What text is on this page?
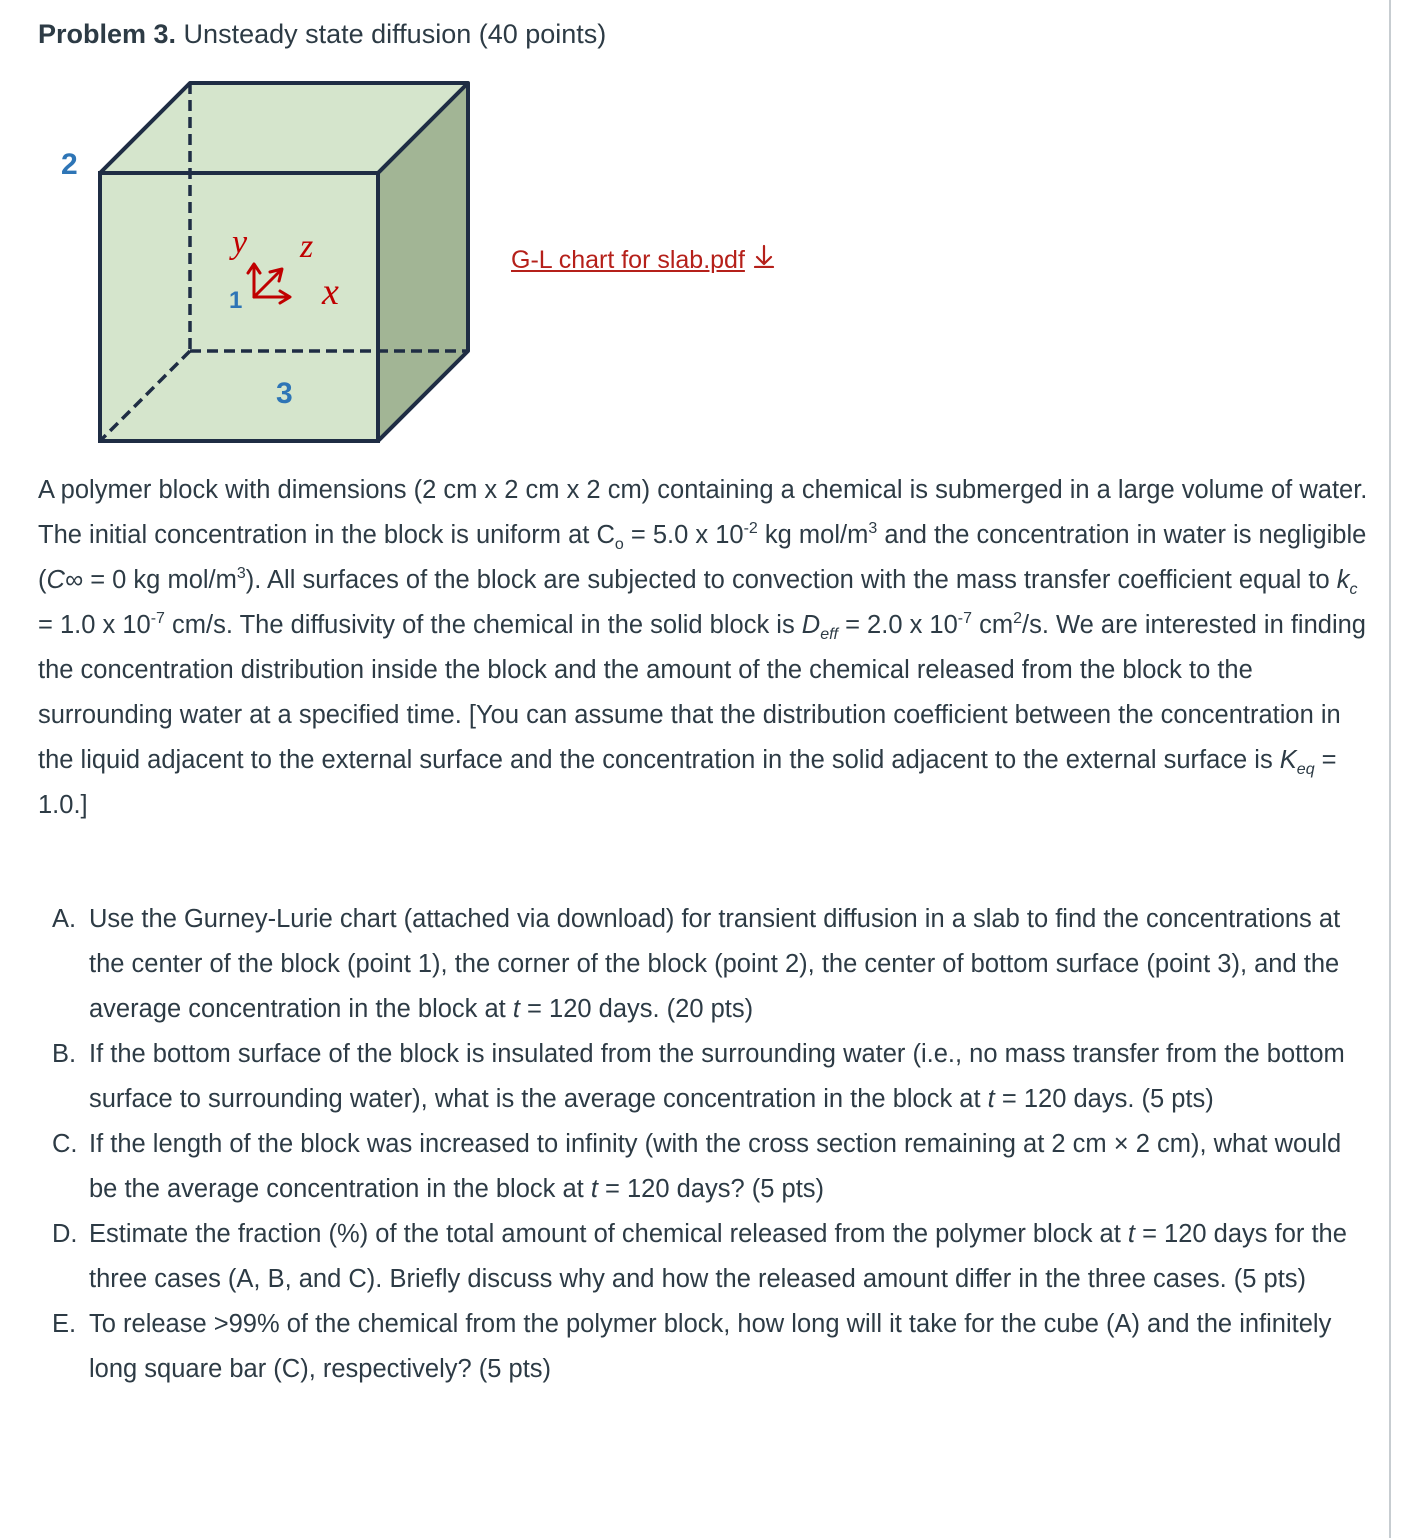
Problem 3. Unsteady state diffusion (40 points)
y z
x
1
2
3
G-L chart for slab.pdf

A polymer block with dimensions (2 cm x 2 cm x 2 cm) containing a chemical is submerged in a large volume of water. The initial concentration in the block is uniform at $C_o = 5.0$ x $10^{-2}$ kg mol/$m^3$ and the concentration in water is negligible (C∞ = 0 kg mol/$m^3$). All surfaces of the block are subjected to convection with the mass transfer coefficient equal to $k_c = 1.0$ x $10^{-7}$ cm/s. The diffusivity of the chemical in the solid block is $D_{eff} = 2.0$ x $10^{-7}$ $cm^2/s$. We are interested in finding the concentration distribution inside the block and the amount of the chemical released from the block to the surrounding water at a specified time. [You can assume that the distribution coefficient between the concentration in the liquid adjacent to the external surface and the concentration in the solid adjacent to the external surface is $K_{eq} = 1.0$.]

A. Use the Gurney-Lurie chart (attached via download) for transient diffusion in a slab to find the concentrations at the center of the block (point 1), the corner of the block (point 2), the center of bottom surface (point 3), and the average concentration in the block at t = 120 days. (20 pts)
B. If the bottom surface of the block is insulated from the surrounding water (i.e., no mass transfer from the bottom surface to surrounding water), what is the average concentration in the block at t = 120 days. (5 pts)
C. If the length of the block was increased to infinity (with the cross section remaining at 2 cm × 2 cm), what would be the average concentration in the block at t = 120 days? (5 pts)
D. Estimate the fraction (%) of the total amount of chemical released from the polymer block at t = 120 days for the three cases (A, B, and C). Briefly discuss why and how the released amount differ in the three cases. (5 pts)
E. To release >99% of the chemical from the polymer block, how long will it take for the cube (A) and the infinitely long square bar (C), respectively? (5 pts)
